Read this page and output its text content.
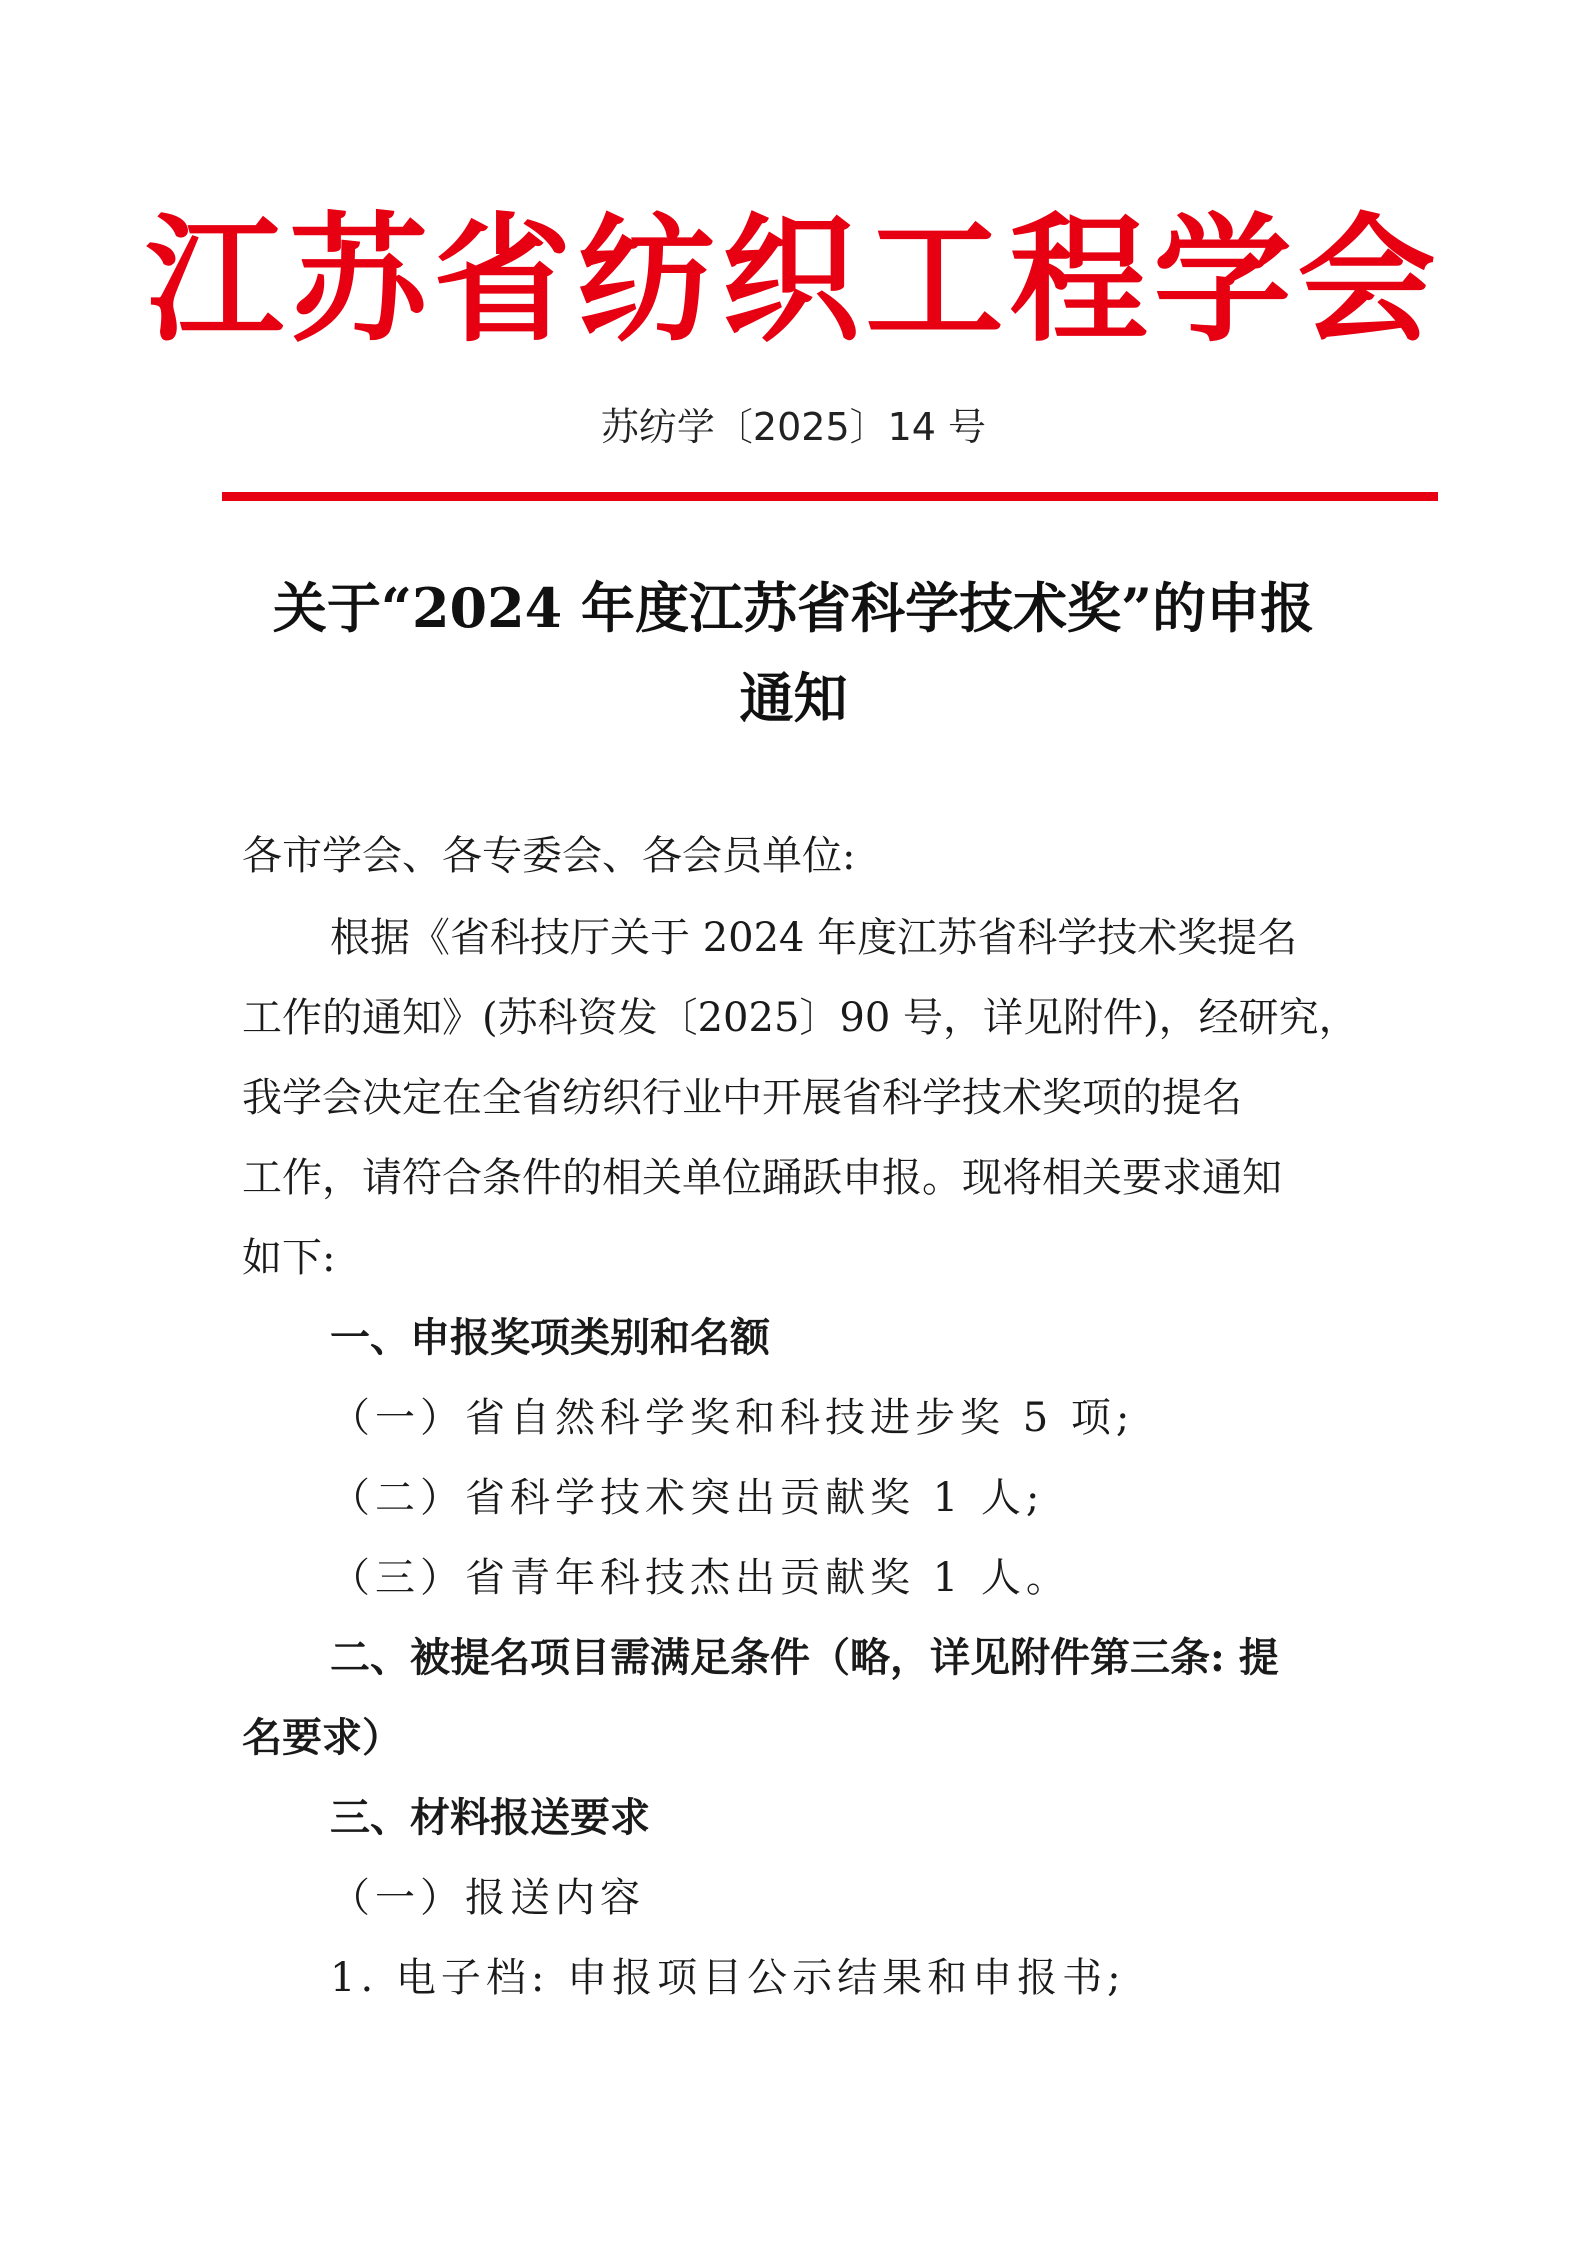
江苏省纺织工程学会
苏纺学〔2025〕14 号

关于“2024 年度江苏省科学技术奖”的申报

通知

各市学会、各专委会、各会员单位:

根据《省科技厅关于 2024 年度江苏省科学技术奖提名

工作的通知》(苏科资发〔2025〕90 号，详见附件)，经研究，

我学会决定在全省纺织行业中开展省科学技术奖项的提名

工作，请符合条件的相关单位踊跃申报。现将相关要求通知

如下:

一、申报奖项类别和名额

（一）省自然科学奖和科技进步奖 5 项;

（二）省科学技术突出贡献奖 1 人;

（三）省青年科技杰出贡献奖 1 人。

二、被提名项目需满足条件（略，详见附件第三条: 提

名要求）

三、材料报送要求

（一）报送内容

1. 电子档: 申报项目公示结果和申报书;
